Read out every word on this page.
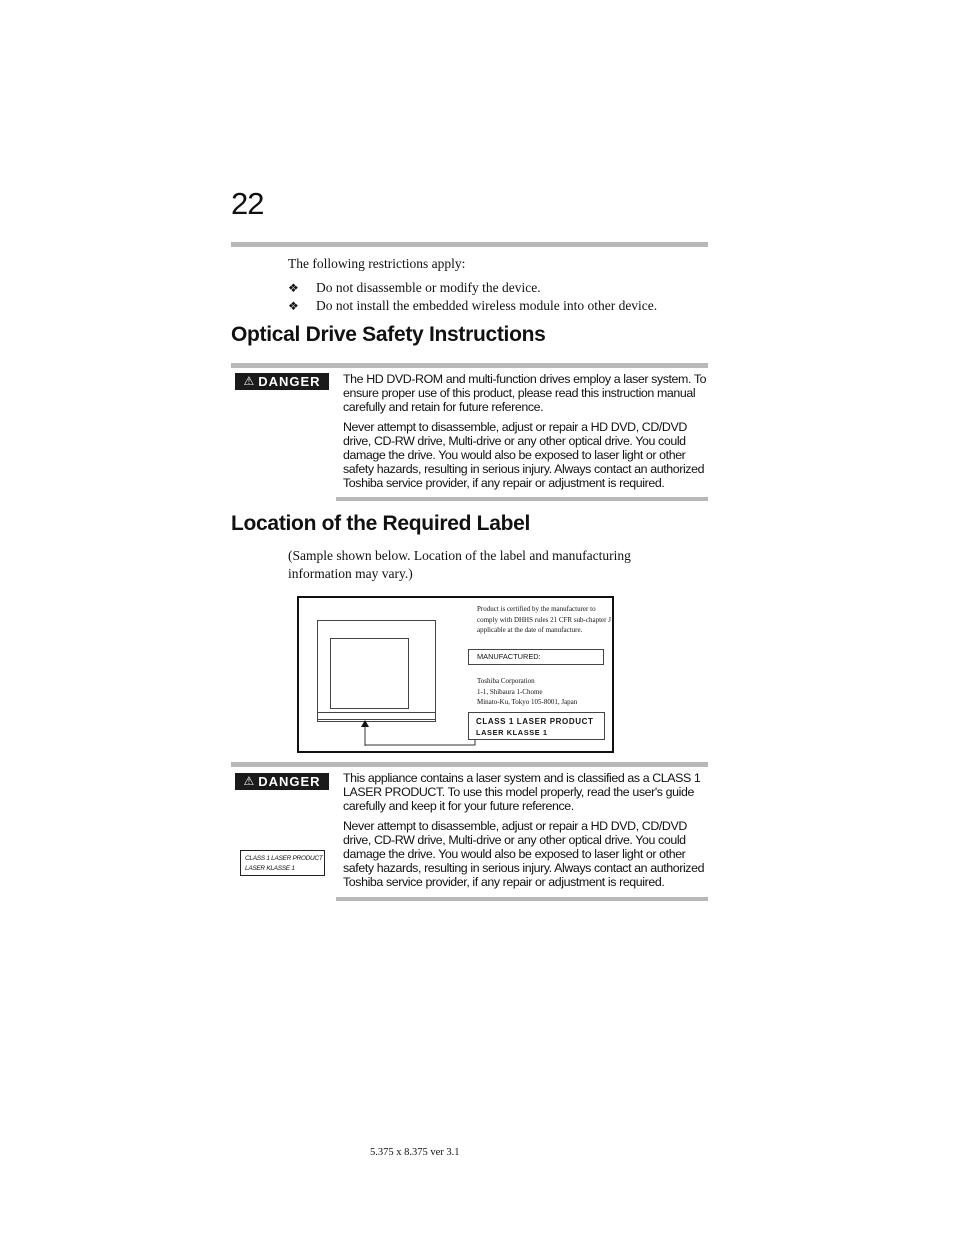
22
The following restrictions apply:
❖ Do not disassemble or modify the device.
❖ Do not install the embedded wireless module into other device.
Optical Drive Safety Instructions
⚠ DANGER The HD DVD-ROM and multi-function drives employ a laser system. To ensure proper use of this product, please read this instruction manual carefully and retain for future reference.

Never attempt to disassemble, adjust or repair a HD DVD, CD/DVD drive, CD-RW drive, Multi-drive or any other optical drive. You could damage the drive. You would also be exposed to laser light or other safety hazards, resulting in serious injury. Always contact an authorized Toshiba service provider, if any repair or adjustment is required.

Location of the Required Label
(Sample shown below. Location of the label and manufacturing information may vary.)
Product is certified by the manufacturer to comply with DHHS rules 21 CFR sub-chapter J applicable at the date of manufacture.
MANUFACTURED:
Toshiba Corporation
1-1, Shibaura 1-Chome
Minato-Ku, Tokyo 105-8001, Japan
CLASS 1 LASER PRODUCT
LASER KLASSE 1
⚠ DANGER This appliance contains a laser system and is classified as a CLASS 1 LASER PRODUCT. To use this model properly, read the user's guide carefully and keep it for your future reference.

Never attempt to disassemble, adjust or repair a HD DVD, CD/DVD drive, CD-RW drive, Multi-drive or any other optical drive. You could damage the drive. You would also be exposed to laser light or other safety hazards, resulting in serious injury. Always contact an authorized Toshiba service provider, if any repair or adjustment is required.

CLASS 1 LASER PRODUCT
LASER KLASSE 1
5.375 x 8.375 ver 3.1
